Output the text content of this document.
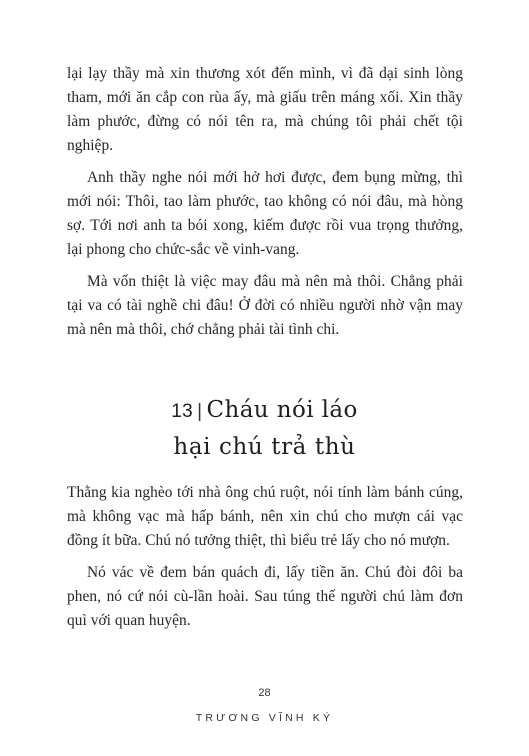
lại lạy thầy mà xin thương xót đến mình, vì đã dại sinh lòng tham, mới ăn cắp con rùa ấy, mà giấu trên máng xối. Xin thầy làm phước, đừng có nói tên ra, mà chúng tôi phải chết tội nghiệp.

Anh thầy nghe nói mới hở hơi được, đem bụng mừng, thì mới nói: Thôi, tao làm phước, tao không có nói đâu, mà hòng sợ. Tới nơi anh ta bói xong, kiếm được rồi vua trọng thưởng, lại phong cho chức-sắc về vinh-vang.

Mà vốn thiệt là việc may đâu mà nên mà thôi. Chẳng phải tại va có tài nghề chi đâu! Ở đời có nhiều người nhờ vận may mà nên mà thôi, chớ chẳng phải tài tình chi.

13 | Cháu nói láo
hại chú trả thù

Thằng kia nghèo tới nhà ông chú ruột, nói tính làm bánh cúng, mà không vạc mà hấp bánh, nên xin chú cho mượn cái vạc đồng ít bữa. Chú nó tưởng thiệt, thì biểu trẻ lấy cho nó mượn.

Nó vác về đem bán quách đi, lấy tiền ăn. Chú đòi đôi ba phen, nó cứ nói cù-lần hoài. Sau túng thế người chú làm đơn quì với quan huyện.

28
TRƯƠNG VĨNH KÝ
